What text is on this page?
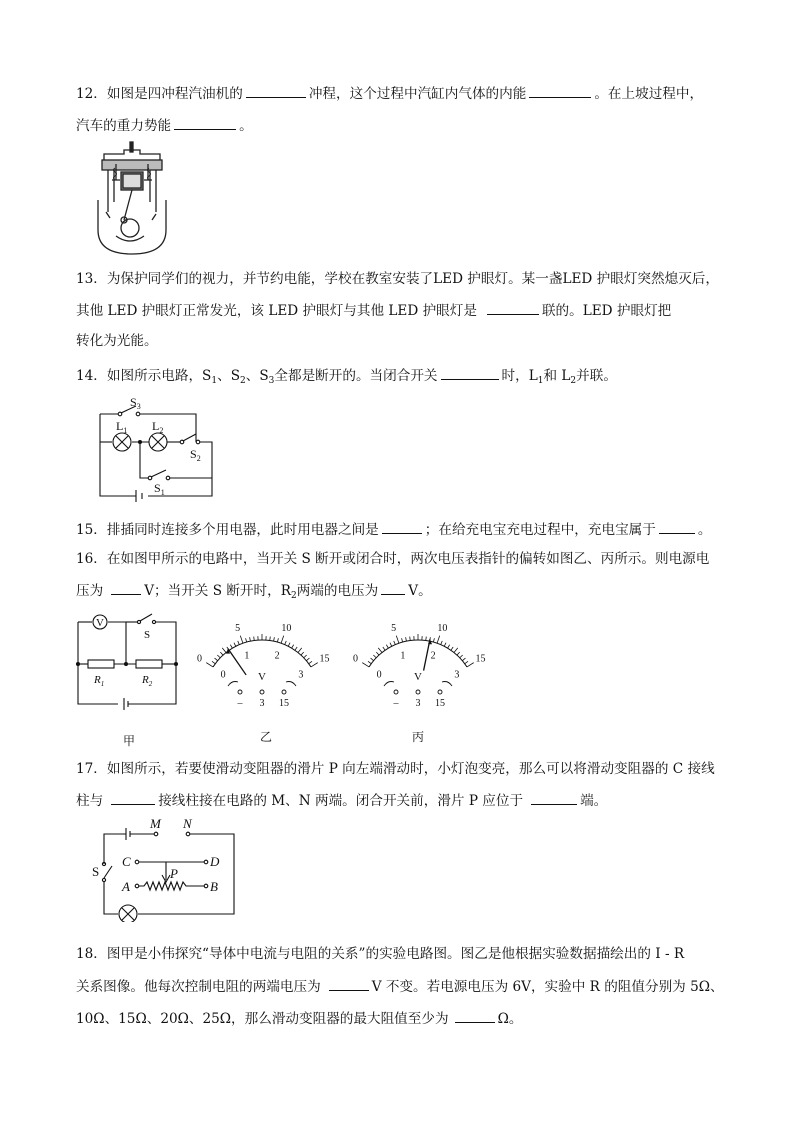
12．如图是四冲程汽油机的	冲程，这个过程中汽缸内气体的内能	。在上坡过程中，
汽车的重力势能	。
13．为保护同学们的视力，并节约电能，学校在教室安装了LED 护眼灯。某一盏LED 护眼灯突然熄灭后，
其他 LED 护眼灯正常发光，该 LED 护眼灯与其他 LED 护眼灯是	联的。LED 护眼灯把
转化为光能。
14．如图所示电路，$S_1$、$S_2$、$S_3$全都是断开的。当闭合开关	时，$L_1$和 $L_2$并联。
$S_3$
$L_1$ $L_2$
$S_2$
$S_1$
15．排插同时连接多个用电器，此时用电器之间是	；在给充电宝充电过程中，充电宝属于	。
16．在如图甲所示的电路中，当开关 S 断开或闭合时，两次电压表指针的偏转如图乙、丙所示。则电源电
压为	V；当开关 S 断开时，$R_2$两端的电压为 V。
V
S
$R_1$	$R_2$
甲
0
5	10
15
0
1	2
3
V
– 3 15
乙
0
5	10
15
0
1	2
3
V
– 3 15
丙
17．如图所示，若要使滑动变阻器的滑片 P 向左端滑动时，小灯泡变亮，那么可以将滑动变阻器的 C 接线
柱与	接线柱接在电路的 M、N 两端。闭合开关前，滑片 P 应位于	端。
M N
S
C	D
A	B
P
18．图甲是小伟探究“导体中电流与电阻的关系”的实验电路图。图乙是他根据实验数据描绘出的 I - R
关系图像。他每次控制电阻的两端电压为	V 不变。若电源电压为 6V，实验中 R 的阻值分别为 5Ω、
10Ω、15Ω、20Ω、25Ω，那么滑动变阻器的最大阻值至少为	Ω。
